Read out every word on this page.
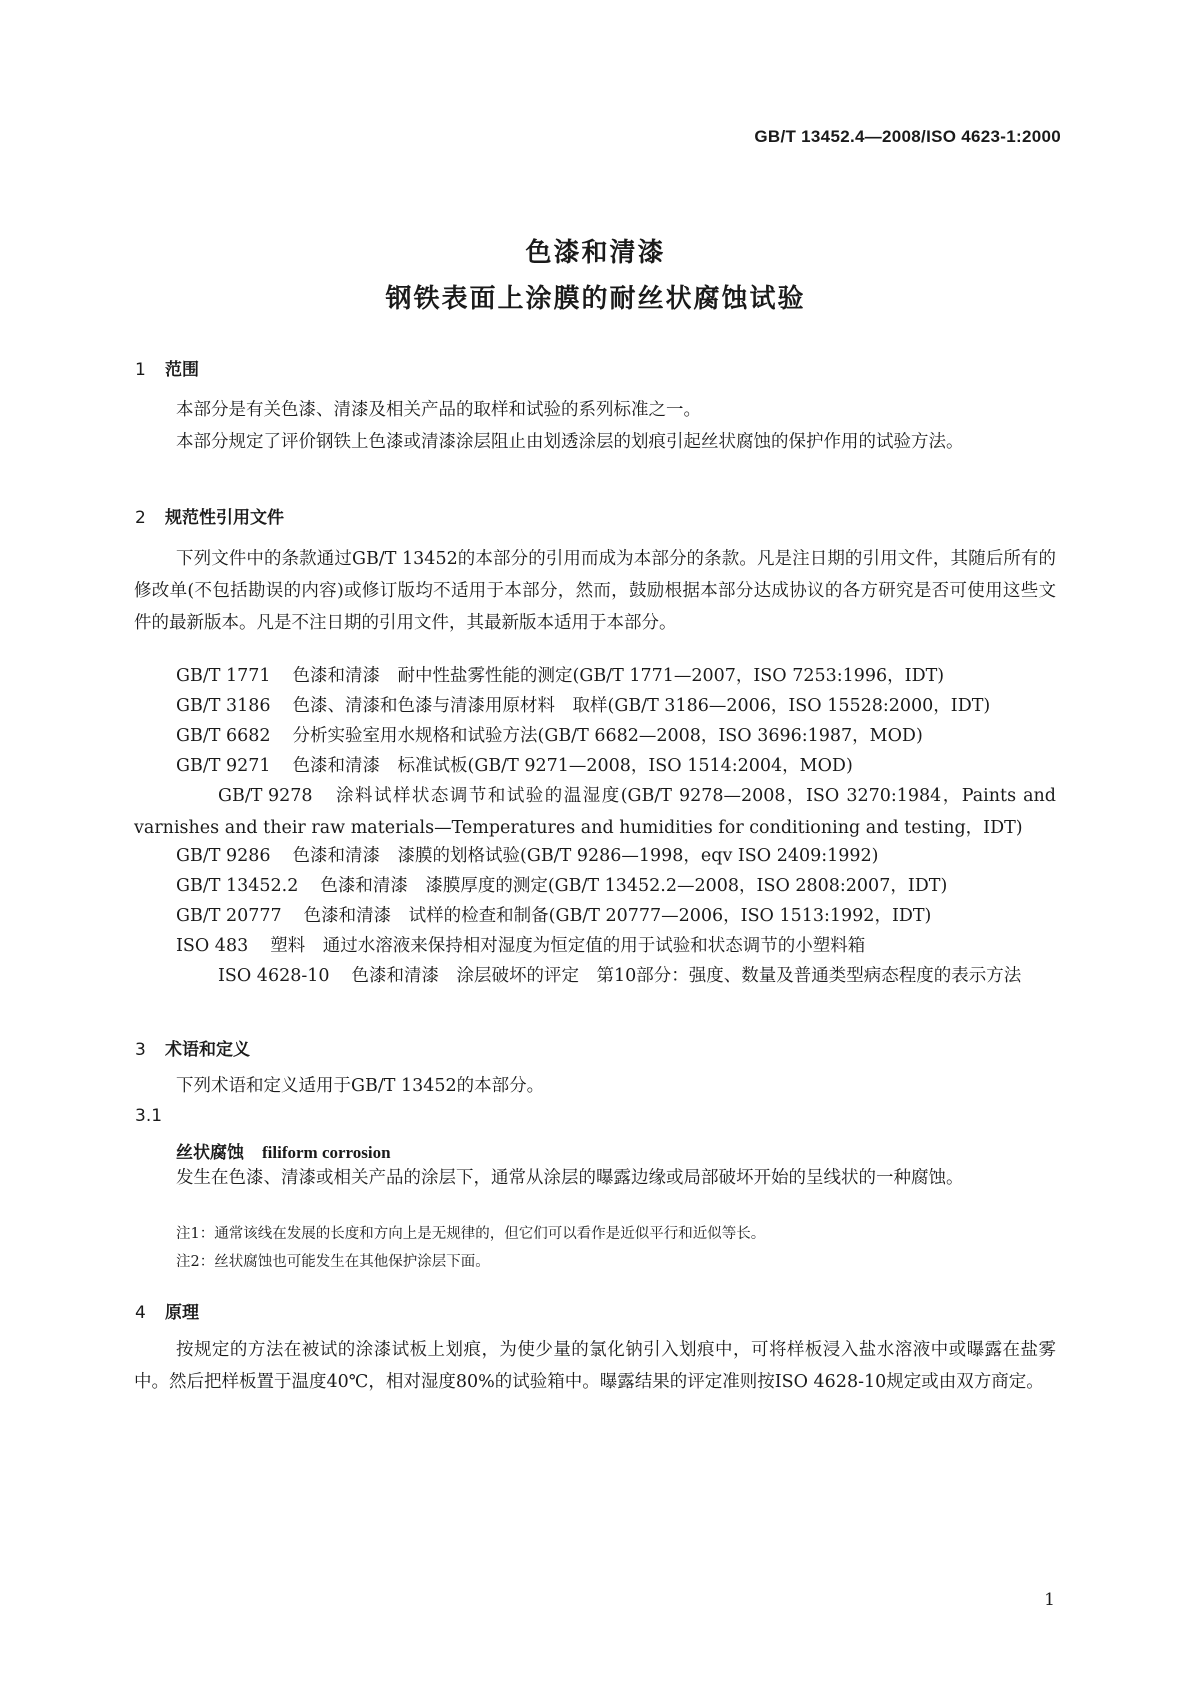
GB/T 13452.4—2008/ISO 4623-1:2000
色漆和清漆
钢铁表面上涂膜的耐丝状腐蚀试验
1 范围
本部分是有关色漆、清漆及相关产品的取样和试验的系列标准之一。
本部分规定了评价钢铁上色漆或清漆涂层阻止由划透涂层的划痕引起丝状腐蚀的保护作用的试验方法。
2 规范性引用文件
下列文件中的条款通过GB/T 13452的本部分的引用而成为本部分的条款。凡是注日期的引用文件，其随后所有的修改单(不包括勘误的内容)或修订版均不适用于本部分，然而，鼓励根据本部分达成协议的各方研究是否可使用这些文件的最新版本。凡是不注日期的引用文件，其最新版本适用于本部分。
GB/T 1771 色漆和清漆　耐中性盐雾性能的测定(GB/T 1771—2007，ISO 7253:1996，IDT)
GB/T 3186 色漆、清漆和色漆与清漆用原材料　取样(GB/T 3186—2006，ISO 15528:2000，IDT)
GB/T 6682 分析实验室用水规格和试验方法(GB/T 6682—2008，ISO 3696:1987，MOD)
GB/T 9271 色漆和清漆　标准试板(GB/T 9271—2008，ISO 1514:2004，MOD)
GB/T 9278 涂料试样状态调节和试验的温湿度(GB/T 9278—2008，ISO 3270:1984，Paints and varnishes and their raw materials—Temperatures and humidities for conditioning and testing，IDT)
GB/T 9286 色漆和清漆　漆膜的划格试验(GB/T 9286—1998，eqv ISO 2409:1992)
GB/T 13452.2 色漆和清漆　漆膜厚度的测定(GB/T 13452.2—2008，ISO 2808:2007，IDT)
GB/T 20777 色漆和清漆　试样的检查和制备(GB/T 20777—2006，ISO 1513:1992，IDT)
ISO 483 塑料　通过水溶液来保持相对湿度为恒定值的用于试验和状态调节的小塑料箱
ISO 4628-10 色漆和清漆　涂层破坏的评定　第10部分：强度、数量及普通类型病态程度的表示方法
3 术语和定义
下列术语和定义适用于GB/T 13452的本部分。
3.1
丝状腐蚀 filiform corrosion
发生在色漆、清漆或相关产品的涂层下，通常从涂层的曝露边缘或局部破坏开始的呈线状的一种腐蚀。
注1：通常该线在发展的长度和方向上是无规律的，但它们可以看作是近似平行和近似等长。
注2：丝状腐蚀也可能发生在其他保护涂层下面。
4 原理
按规定的方法在被试的涂漆试板上划痕，为使少量的氯化钠引入划痕中，可将样板浸入盐水溶液中或曝露在盐雾中。然后把样板置于温度40℃，相对湿度80%的试验箱中。曝露结果的评定准则按ISO 4628-10规定或由双方商定。
1
